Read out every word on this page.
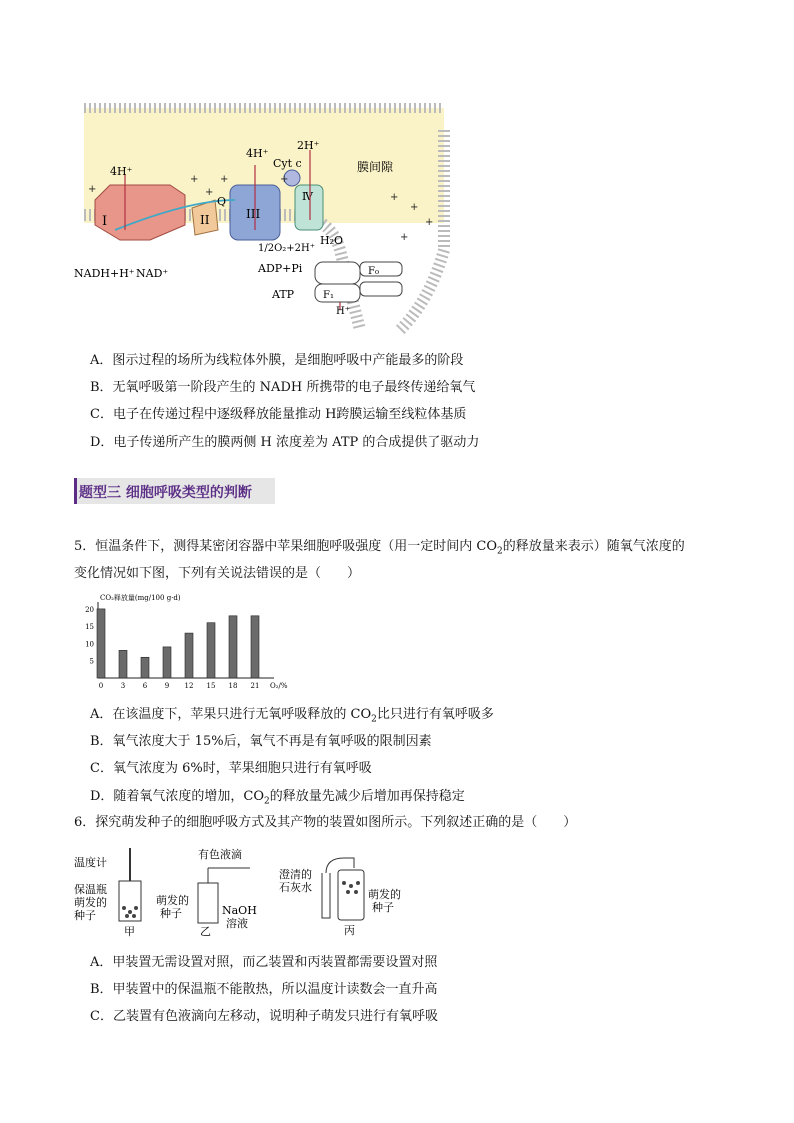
I	II	III
Ⅳ
4H⁺
4H⁺
2H⁺
Cyt c	膜间隙
Q
1/2O₂+2H⁺
H₂O
F₀
F₁
ADP+Pi
ATP
H⁺
NADH+H⁺ NAD⁺
+
+
+
+
+
+
+
+
+
A．图示过程的场所为线粒体外膜，是细胞呼吸中产能最多的阶段
B．无氧呼吸第一阶段产生的 NADH 所携带的电子最终传递给氧气
C．电子在传递过程中逐级释放能量推动 H跨膜运输至线粒体基质
D．电子传递所产生的膜两侧 H 浓度差为 ATP 的合成提供了驱动力
题型三 细胞呼吸类型的判断
5．恒温条件下，测得某密闭容器中苹果细胞呼吸强度（用一定时间内 $CO_2$的释放量来表示）随氧气浓度的
变化情况如下图，下列有关说法错误的是（　　）
CO₂释放量(mg/100 g·d)
O₂/%
5
10
15
20
0	3	6	9 12 15 18 21
A．在该温度下，苹果只进行无氧呼吸释放的 $CO_2$比只进行有氧呼吸多
B．氧气浓度大于 15%后，氧气不再是有氧呼吸的限制因素
C．氧气浓度为 6%时，苹果细胞只进行有氧呼吸
D．随着氧气浓度的增加，$CO_2$的释放量先减少后增加再保持稳定
6．探究萌发种子的细胞呼吸方式及其产物的装置如图所示。下列叙述正确的是（　　）
温度计
保温瓶
萌发的
种子
甲
有色液滴
萌发的
种子	NaOH
溶液
乙
澄清的
石灰水
萌发的
种子
丙
A．甲装置无需设置对照，而乙装置和丙装置都需要设置对照
B．甲装置中的保温瓶不能散热，所以温度计读数会一直升高
C．乙装置有色液滴向左移动，说明种子萌发只进行有氧呼吸
